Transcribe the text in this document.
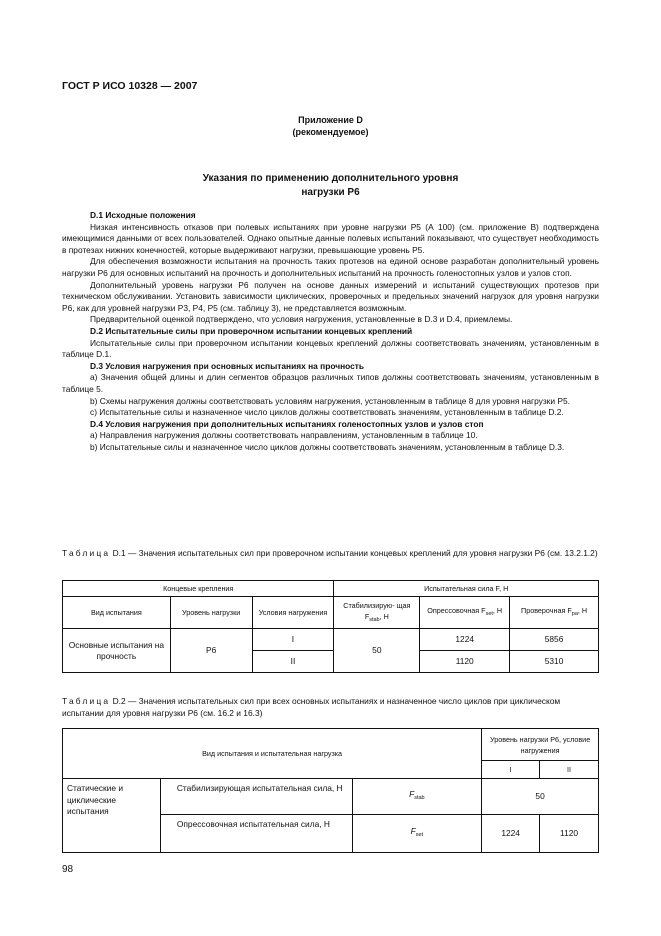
ГОСТ Р ИСО 10328 — 2007
Приложение D
(рекомендуемое)
Указания по применению дополнительного уровня
нагрузки Р6

D.1 Исходные положения

Низкая интенсивность отказов при полевых испытаниях при уровне нагрузки Р5 (А 100) (см. приложение В) подтверждена имеющимися данными от всех пользователей. Однако опытные данные полевых испытаний показывают, что существует необходимость в протезах нижних конечностей, которые выдерживают нагрузки, превышающие уровень Р5.

Для обеспечения возможности испытания на прочность таких протезов на единой основе разработан дополнительный уровень нагрузки Р6 для основных испытаний на прочность и дополнительных испытаний на прочность голеностопных узлов и узлов стоп.

Дополнительный уровень нагрузки Р6 получен на основе данных измерений и испытаний существующих протезов при техническом обслуживании. Установить зависимости циклических, проверочных и предельных значений нагрузок для уровня нагрузки Р6, как для уровней нагрузки Р3, Р4, Р5 (см. таблицу 3), не представляется возможным.

Предварительной оценкой подтверждено, что условия нагружения, установленные в D.3 и D.4, приемлемы.

D.2 Испытательные силы при проверочном испытании концевых креплений

Испытательные силы при проверочном испытании концевых креплений должны соответствовать значениям, установленным в таблице D.1.

D.3 Условия нагружения при основных испытаниях на прочность

а) Значения общей длины и длин сегментов образцов различных типов должны соответствовать значениям, установленным в таблице 5.

b) Схемы нагружения должны соответствовать условиям нагружения, установленным в таблице 8 для уровня нагрузки Р5.

с) Испытательные силы и назначенное число циклов должны соответствовать значениям, установленным в таблице D.2.

D.4 Условия нагружения при дополнительных испытаниях голеностопных узлов и узлов стоп

а) Направления нагружения должны соответствовать направлениям, установленным в таблице 10.

b) Испытательные силы и назначенное число циклов должны соответствовать значениям, установленным в таблице D.3.

Таблица D.1 — Значения испытательных сил при проверочном испытании концевых креплений для уровня нагрузки Р6 (см. 13.2.1.2)
Концевые крепления			Испытательная сила F, Н		
Вид испытания	Уровень нагрузки	Условия нагружения	Стабилизирую- щая $F_{stab}$, Н	Опрессовочная $F_{set}$, Н	Проверочная $F_{pa}$, Н
Основные испытания на прочность	Р6	I	50	1224	5856
		II		1120	5310
Таблица D.2 — Значения испытательных сил при всех основных испытаниях и назначенное число циклов при циклическом испытании для уровня нагрузки Р6 (см. 16.2 и 16.3)
Вид испытания и испытательная нагрузка			Уровень нагрузки Р6, условие нагружения	
			I	II
Статические и циклические испытания	Стабилизирующая испытательная сила, Н	$F_{stab}$	50	
	Опрессовочная испытательная сила, Н	$F_{set}$	1224	1120
98
